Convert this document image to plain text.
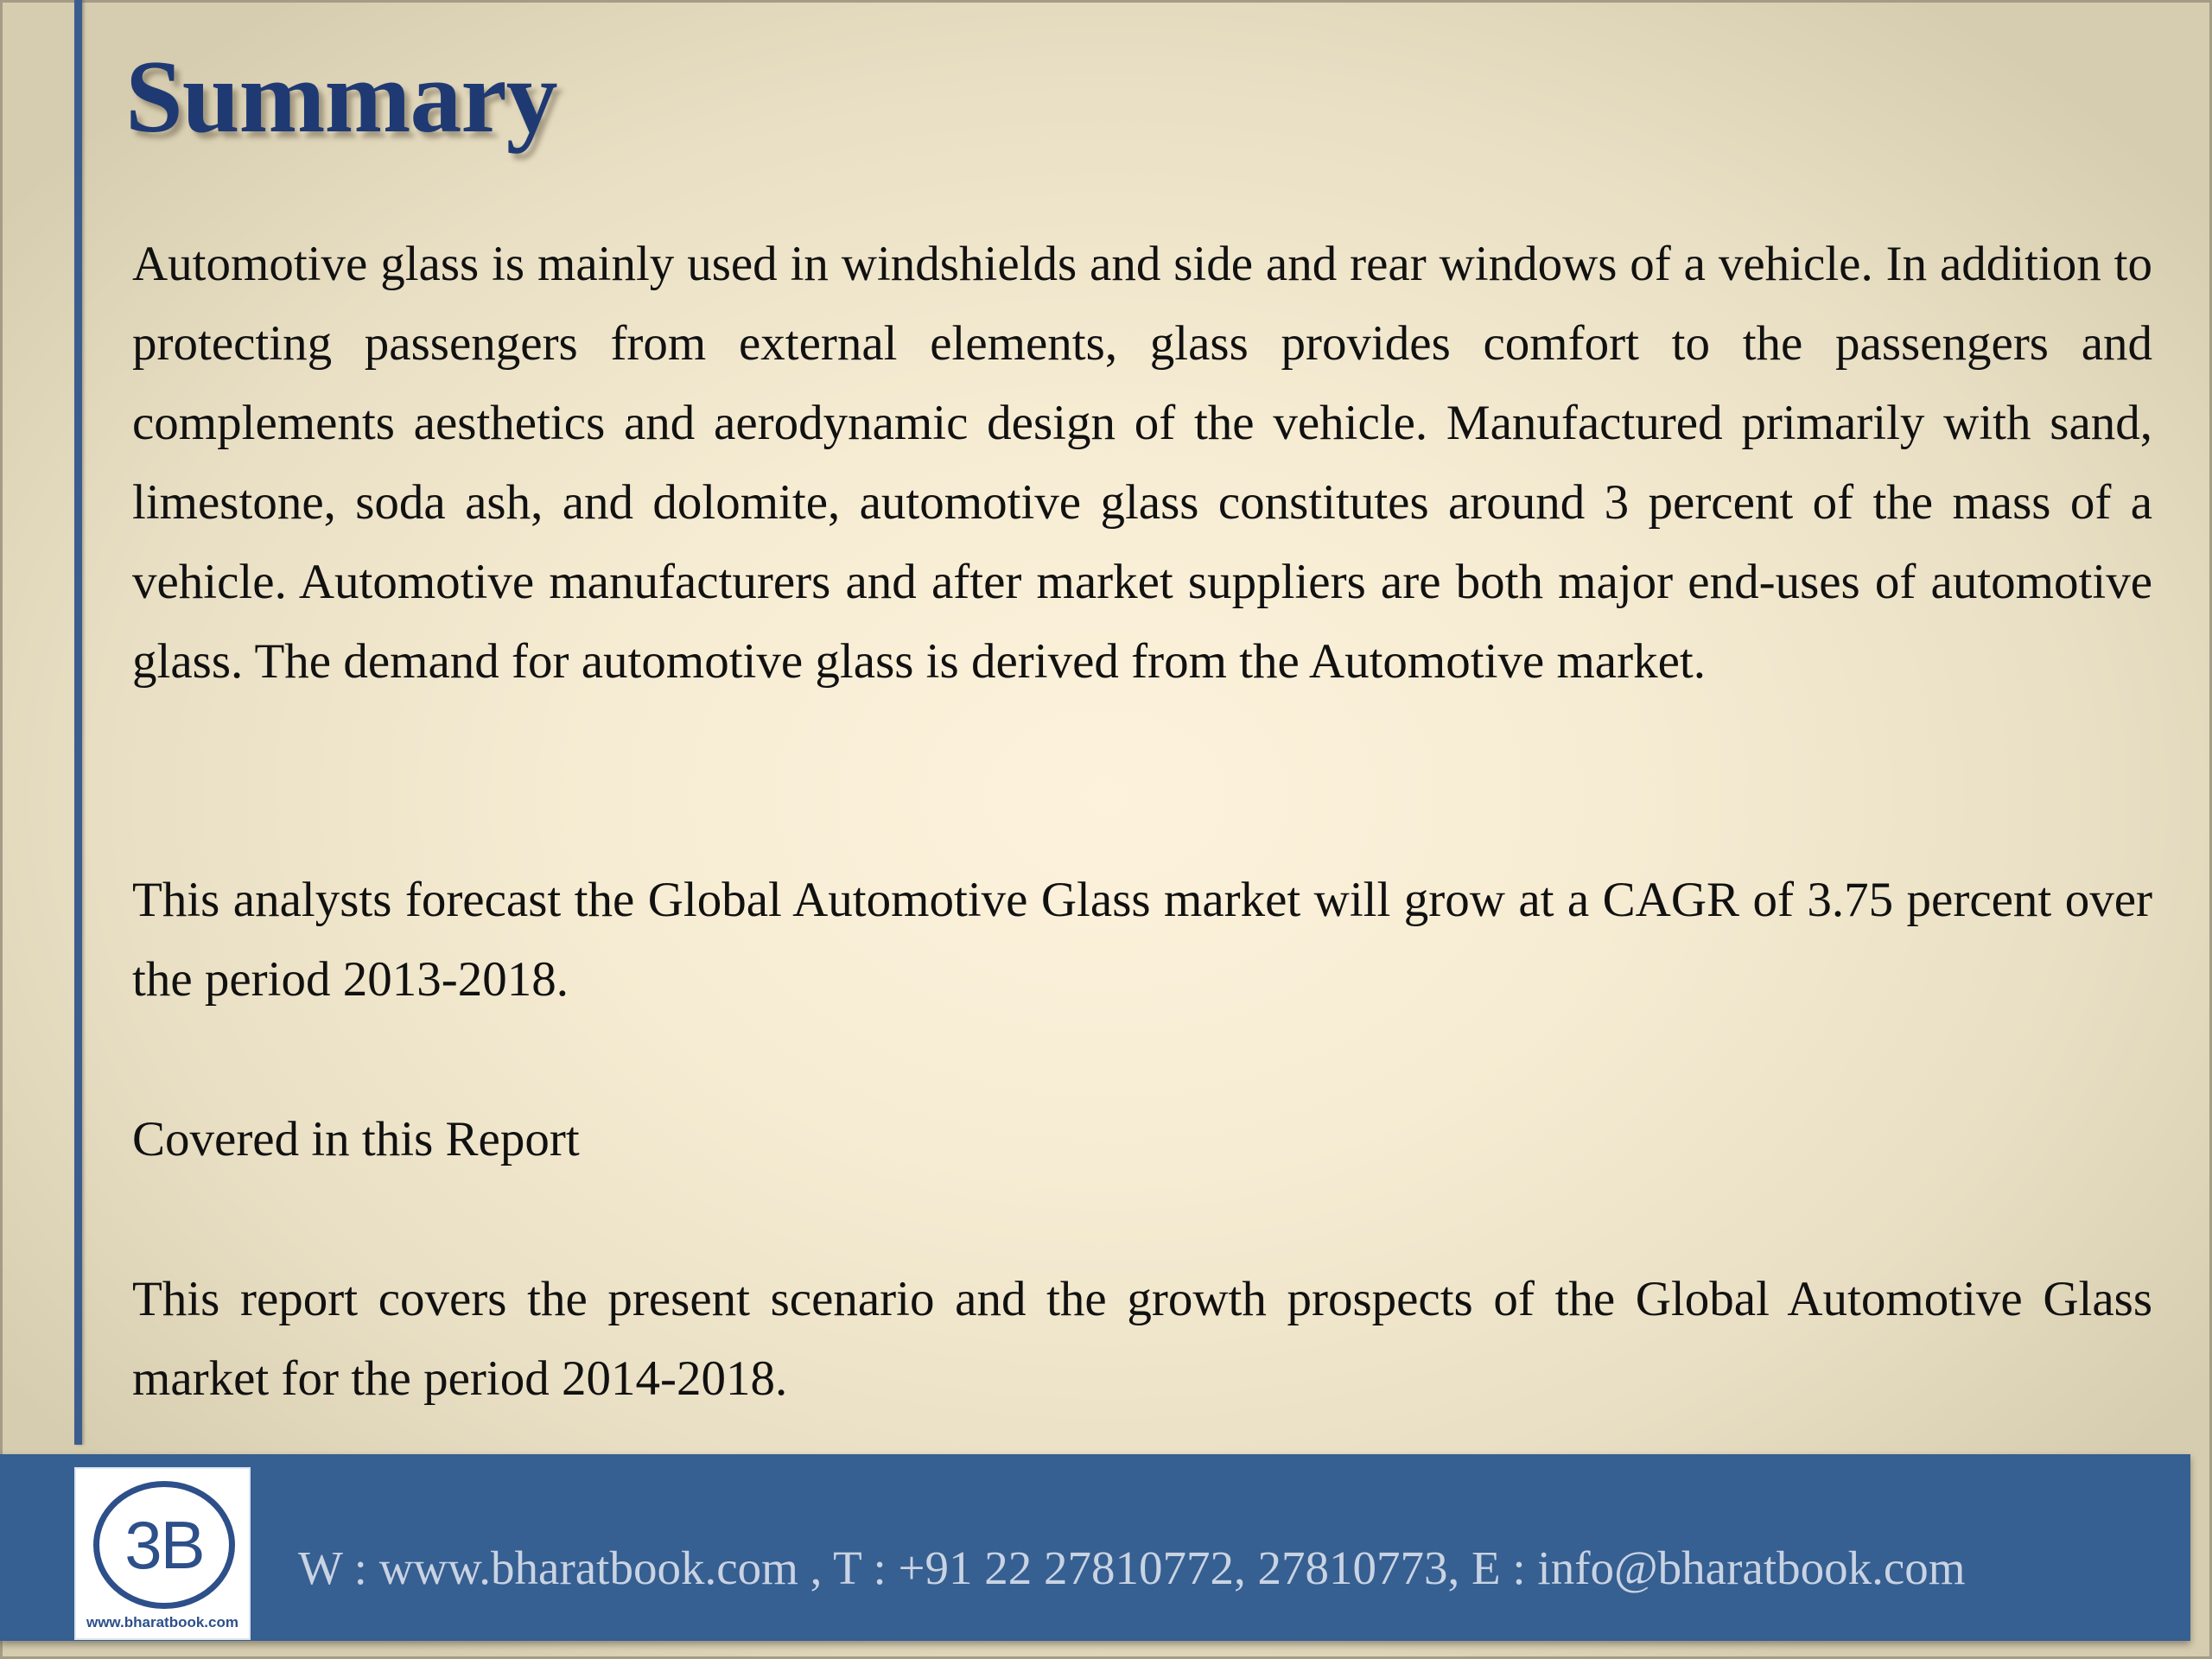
Summary

Automotive glass is mainly used in windshields and side and rear windows of a vehicle. In addition to protecting passengers from external elements, glass provides comfort to the passengers and complements aesthetics and aerodynamic design of the vehicle. Manufactured primarily with sand, limestone, soda ash, and dolomite, automotive glass constitutes around 3 percent of the mass of a vehicle. Automotive manufacturers and after market suppliers are both major end-uses of automotive glass. The demand for automotive glass is derived from the Automotive market.

This analysts forecast the Global Automotive Glass market will grow at a CAGR of 3.75 percent over the period 2013-2018.

Covered in this Report

This report covers the present scenario and the growth prospects of the Global Automotive Glass market for the period 2014-2018.

3B
www.bharatbook.com

W : www.bharatbook.com , T : +91 22 27810772, 27810773, E : info@bharatbook.com
